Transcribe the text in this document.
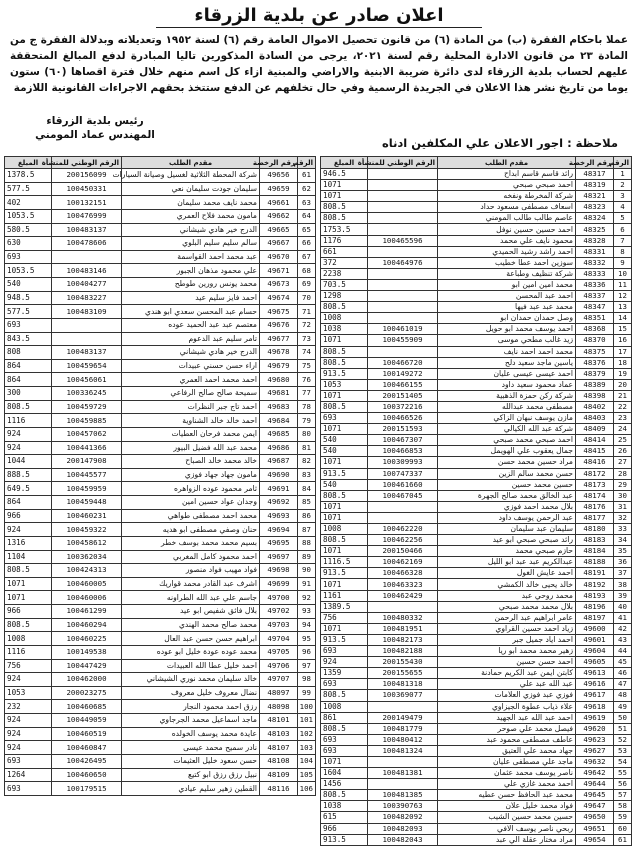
اعلان صادر عن بلدية الزرقاء
عملا باحكام الفقرة (ب) من المادة (٦) من قانون تحصيل الاموال العامة رقم (٦) لسنة ١٩٥٢ وتعديلاته وبدلالة الفقرة ج من المادة ٢٣ من قانون الادارة المحلية رقم لسنة ٢٠٢١، يرجى من السادة المذكورين تاليا المبادرة لدفع المبالغ المتحققة عليهم لحساب بلدية الزرقاء لدى دائرة ضريبة الابنية والاراضي والمبنية ازاء كل اسم منهم خلال فترة اقصاها (٦٠) ستون يوما من تاريخ نشر هذا الاعلان في الجريدة الرسمية وفي حال تخلفهم عن الدفع ستتخذ بحقهم الاجراءات القانونية اللازمة
رئيس بلدية الزرقاء
المهندس عماد المومني
ملاحظة : اجور الاعلان علي المكلفين ادناه
الرقم	رقم الرخصة	مقدم الطلب	الرقم الوطني للمنشأة	المبلغ
1	48317	رائد قاسم قاسم ابداح		946.5
2	48319	احمد صبحي صبحي		1071
3	48321	شركة المخرطة ونفخه		1071
4	48323	اسعاف مصطفى مسعود حداد		808.5
5	48324	عاصم طالب طالب المومني		808.5
6	48325	احمد حسين حسين نوفل		1753.5
7	48328	محمود نايف علي محمد	100465596	1176
8	48331	احمد راشد رشيد الحميدي		661
9	48332	سوزين احمد عطا خطيب	100464976	372
10	48333	شركة تنظيف وطباعة		2238
11	48336	محمد امين امين ابو		703.5
12	48337	احمد عبد المحسن		1298
13	48347	محمد عبد عبد فيها		808.5
14	48351	وصل حمدان حمدان ابو		1008
15	48368	احمد يوسف محمد ابو حويل	100461019	1038
16	48370	زيد غالب مطحي موسى	100455909	1071
17	48375	محمد احمد احمد نايف		808.5
18	48376	ياسين ماجد سعيد دلح	100466720	808.5
19	48379	احمد عيسى عيسى عليان	100149272	913.5
20	48389	عماد محمود سعيد داود	100466155	1053
21	48398	شركة ركن حمزة الذهبية	200151405	1071
22	48402	مصطفى محمد عبدالله	100372216	808.5
23	48403	مازن يوسف نبهان الزاكي	100466526	693
24	48409	شركة عبد الله الكيالي	200151593	1071
25	48414	احمد صبحي محمد صبحي	100467307	540
26	48415	جمال يعقوب علي الهويمل	100466853	540
27	48416	مراد حسين محمد حسن	100309993	1071
28	48172	حسن محمد سالم الزين	100747337	913.5
29	48173	حسين محمد حسين	100461660	540
30	48174	عبد الخالق محمد صالح الجهرة	100467045	808.5
31	48176	بلال محمد احمد فوزي		1071
32	48177	عبد الرحمن يوسف داود		1071
33	48180	سليمان عبد سليمان	100462220	1008
34	48183	رائد صبحي صبحي ابو عيد	100462256	808.5
35	48184	حازم صبحي محمد	200150466	1071
36	48188	عبدالكريم عبد عبد ابو الليل	100462169	1116.5
37	48191	احمد عايش الغول	100466328	913.5
38	48192	خالد يحيى خالد الكمشي	100463323	1071
39	48193	محمد روحي عبد	100462429	1161
40	48196	بلال محمد محمد صبحي		1389.5
41	48197	عامر ابراهيم عبد الرحمن	100480332	756
42	49600	زياد احمد حسين القراوي	100481951	1071
43	49601	احمد اياد جميل جبر	100482173	913.5
44	49604	زهير محمد محمد ابو ريا	100482188	693
45	49605	احمد حسن حسين	200155430	924
46	49613	كابتن ايمن عبد الكريم حمادنة	200155655	1359
47	49616	عبد الله عبد علي	100481318	693
48	49617	فوزي عبد فوزي العلامات	100369077	808.5
49	49618	علاء ذياب عطوة الجيزاوي		1008
50	49619	احمد عبد الله عبد الجهيد	200149479	861
51	49620	فيصل محمد علي صوحر	100481779	808.5
52	49623	عاطف مصطفى محمود عبد	100480412	693
53	49627	جهاد محمد علي العتيق	100481324	693
54	49632	ماجد علي مصطفى عليان		1071
55	49642	ناصر يوسف محمد عثمان	100481381	1604
56	49644	احمد محمد غازي علي		1456
57	49645	محمد عبد الحافظ حسن عطيه	100481385	808.5
58	49647	فواد محمد خليل علان	100390763	1038
59	49650	حسين محمد حسين الشيب	100482092	615
60	49651	ربحي ناصر يوسف الافي	100482093	966
61	49654	مراد مختار عقلة الي عبد	100482043	913.5
الرقم	رقم الرخصة	مقدم الطلب	الرقم الوطني للمنشأة	المبلغ
61	49656	شركة المحطة الثلاثية لغسيل وصيانة السيارات	200156099	1378.5
62	49659	سليمان جودت سليمان نعي	100450331	577.5
63	49661	محمد نايف محمد سليمان	100132151	402
64	49662	مامون محمد فلاح العمري	100476999	1053.5
65	49665	الدرج خير هادي شيشاني	100483137	580.5
66	49667	سالم سليم سليم البلوي	100478606	630
67	49670	عبد محمد احمد القواسمة		693
68	49671	علي محمود مذهان الجبور	100483146	1053.5
69	49673	محمد يونس رورين طوطح	100404277	540
70	49674	احمد فايز سليم عيد	100483227	948.5
71	49675	حسام عبد المحسن سعدي ابو هندي	100483109	577.5
72	49676	معتصم عبد عبد الحميد عوده		693
73	49677	تامر سليم عبد الدعوم		843.5
74	49678	الدرج خير هادي شيشاني	100483137	808
75	49679	اراء حسن حسني عبيدات	100459654	864
76	49680	احمد محمد احمد العمري	100456061	864
77	49681	سميحة صالح صالح الرفاعي	100336245	300
78	49683	احمد تاج جبر النظرات	100459729	808.5
79	49684	احمد خالد خالد الشناوية	100459885	1116
80	49685	ايمن محمد فرحان العطيات	100457062	924
81	49686	محمد عبد الله فضيل البيور	100441366	924
82	49687	خالد محمد خالد الصباح	200147908	1044
83	49690	مامون جهاد جهاد فوزي	100445577	888.5
84	49691	ثامر محمود عوده الزواهره	100459959	649.5
85	49692	وجدان عواد حسين امين	100459448	864
86	49693	محمد احمد مصطفى طواهي	100460231	966
87	49694	حنان وصفي مصطفى ابو هديه	100459322	924
88	49695	بسيم محمد محمد بوسف خطر	100458612	1316
89	49697	احمد محمود كامل المغربي	100362034	1104
90	49698	فواد مهيب فواد منصور	100424313	808.5
91	49699	اشرف عبد القادر محمد قواريك	100460005	1071
92	49700	جاسم علي عبد الله الطراونه	100460006	1071
93	49702	بلال فائق شفيص ابو عيد	100461299	966
94	49703	محمد صالح محمد الهندي	100460294	808.5
95	49704	ابراهيم حسن حسن عبد العال	100460225	1008
96	49705	محمد عوده عودة خليل ابو عوده	100149538	1116
97	49706	احمد خليل عطا الله العبيدات	100447429	756
98	49707	خالد سليمان محمد نوري الشيشاني	100462000	924
99	48097	نضال معروف خليل معروف	200023275	1053
100	48098	رزق احمد محمود النجار	100460685	232
101	48101	ماجد اسماعيل محمد الجرجاوي	100449059	924
102	48103	عايدة محمد يوسف الخولده	100460519	924
103	48107	نادر سميح محمد عيسى	100460847	924
104	48108	حسن سعود خليل العثيمات	100426495	693
105	48109	نبيل رزق رزق ابو كتيع	100460650	1264
106	48116	القطين زهير سليم عيادي	100179515	693
